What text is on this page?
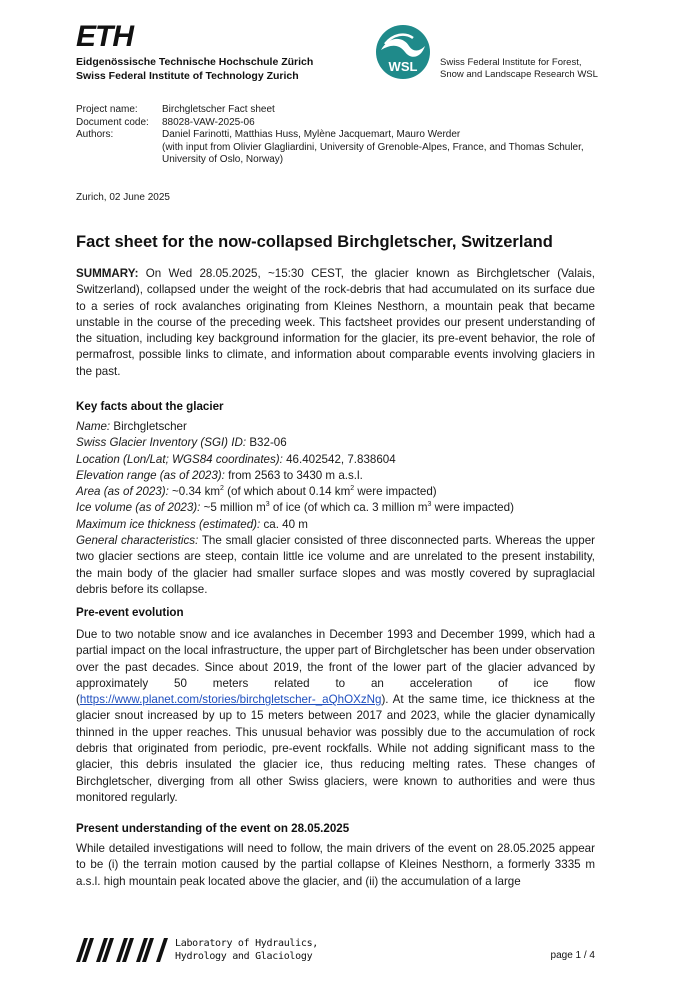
ETH
Eidgenössische Technische Hochschule Zürich
Swiss Federal Institute of Technology Zurich
WSL Swiss Federal Institute for Forest,
Snow and Landscape Research WSL
Project name:	Birchgletscher Fact sheet
Document code:	88028-VAW-2025-06
Authors:	Daniel Farinotti, Matthias Huss, Mylène Jacquemart, Mauro Werder
(with input from Olivier Glagliardini, University of Grenoble-Alpes, France, and Thomas Schuler, University of Oslo, Norway)
Zurich, 02 June 2025
Fact sheet for the now-collapsed Birchgletscher, Switzerland
SUMMARY: On Wed 28.05.2025, ~15:30 CEST, the glacier known as Birchgletscher (Valais, Switzerland), collapsed under the weight of the rock-debris that had accumulated on its surface due to a series of rock avalanches originating from Kleines Nesthorn, a mountain peak that became unstable in the course of the preceding week. This factsheet provides our present understanding of the situation, including key background information for the glacier, its pre-event behavior, the role of permafrost, possible links to climate, and information about comparable events involving glaciers in the past.
Key facts about the glacier
Name: Birchgletscher
Swiss Glacier Inventory (SGI) ID: B32-06
Location (Lon/Lat; WGS84 coordinates): 46.402542, 7.838604
Elevation range (as of 2023): from 2563 to 3430 m a.s.l.
Area (as of 2023): ~0.34 $km^2$ (of which about 0.14 $km^2$ were impacted)
Ice volume (as of 2023): ~5 million $m^3$ of ice (of which ca. 3 million $m^3$ were impacted)
Maximum ice thickness (estimated): ca. 40 m
General characteristics: The small glacier consisted of three disconnected parts. Whereas the upper two glacier sections are steep, contain little ice volume and are unrelated to the present instability, the main body of the glacier had smaller surface slopes and was mostly covered by supraglacial debris before its collapse.
Pre-event evolution
Due to two notable snow and ice avalanches in December 1993 and December 1999, which had a partial impact on the local infrastructure, the upper part of Birchgletscher has been under observation over the past decades. Since about 2019, the front of the lower part of the glacier advanced by approximately 50 meters related to an acceleration of ice flow (https://www.planet.com/stories/birchgletscher-_aQhOXzNg). At the same time, ice thickness at the glacier snout increased by up to 15 meters between 2017 and 2023, while the glacier dynamically thinned in the upper reaches. This unusual behavior was possibly due to the accumulation of rock debris that originated from periodic, pre-event rockfalls. While not adding significant mass to the glacier, this debris insulated the glacier ice, thus reducing melting rates. These changes of Birchgletscher, diverging from all other Swiss glaciers, were known to authorities and were thus monitored regularly.
Present understanding of the event on 28.05.2025
While detailed investigations will need to follow, the main drivers of the event on 28.05.2025 appear to be (i) the terrain motion caused by the partial collapse of Kleines Nesthorn, a formerly 3335 m a.s.l. high mountain peak located above the glacier, and (ii) the accumulation of a large
Laboratory of Hydraulics,
Hydrology and Glaciology	page 1 / 4
